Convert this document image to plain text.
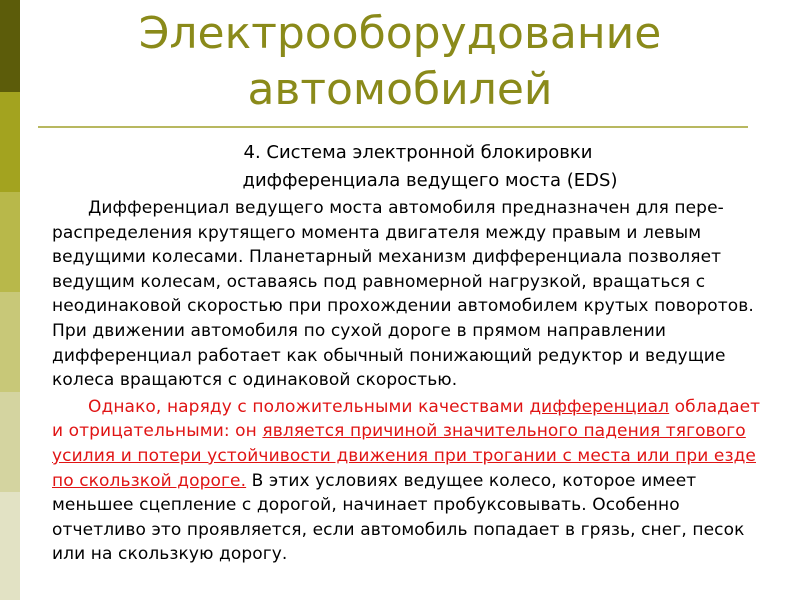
Электрооборудование
автомобилей
4. Система электронной блокировки
дифференциала ведущего моста (EDS)

Дифференциал ведущего моста автомобиля предназначен для пере-распределения крутящего момента двигателя между правым и левым ведущими колесами. Планетарный механизм дифференциала позволяет ведущим колесам, оставаясь под равномерной нагрузкой, вращаться с неодинаковой скоростью при прохождении автомобилем крутых поворотов. При движении автомобиля по сухой дороге в прямом направлении дифференциал работает как обычный понижающий редуктор и ведущие колеса вращаются с одинаковой скоростью.

Однако, наряду с положительными качествами дифференциал обладает и отрицательными: он является причиной значительного падения тягового усилия и потери устойчивости движения при трогании с места или при езде по скользкой дороге. В этих условиях ведущее колесо, которое имеет меньшее сцепление с дорогой, начинает пробуксовывать. Особенно отчетливо это проявляется, если автомобиль попадает в грязь, снег, песок или на скользкую дорогу.
